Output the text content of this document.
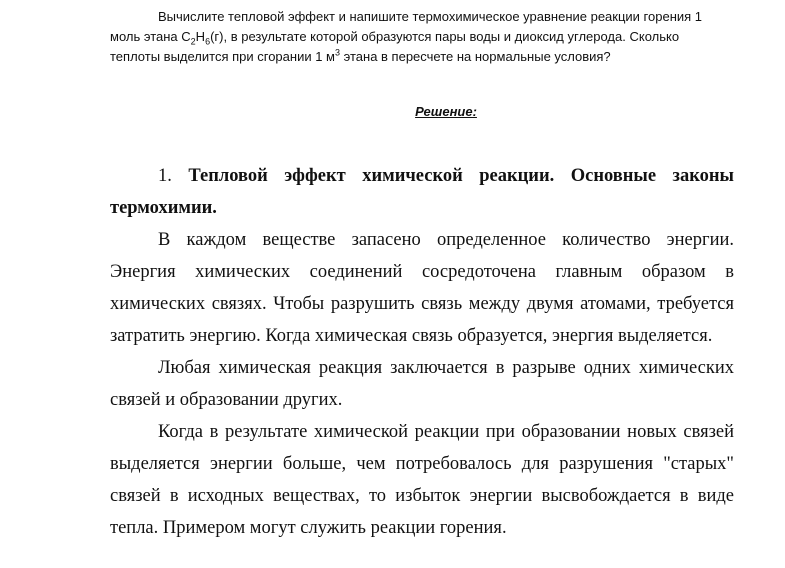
Вычислите тепловой эффект и напишите термохимическое уравнение реакции горения 1 моль этана $C_2H_6(г)$, в результате которой образуются пары воды и диоксид углерода. Сколько теплоты выделится при сгорании 1 $м^3$ этана в пересчете на нормальные условия?

Решение:

1. Тепловой эффект химической реакции. Основные законы термохимии.

В каждом веществе запасено определенное количество энергии. Энергия химических соединений сосредоточена главным образом в химических связях. Чтобы разрушить связь между двумя атомами, требуется затратить энергию. Когда химическая связь образуется, энергия выделяется.

Любая химическая реакция заключается в разрыве одних химических связей и образовании других.

Когда в результате химической реакции при образовании новых связей выделяется энергии больше, чем потребовалось для разрушения "старых" связей в исходных веществах, то избыток энергии высвобождается в виде тепла. Примером могут служить реакции горения.
